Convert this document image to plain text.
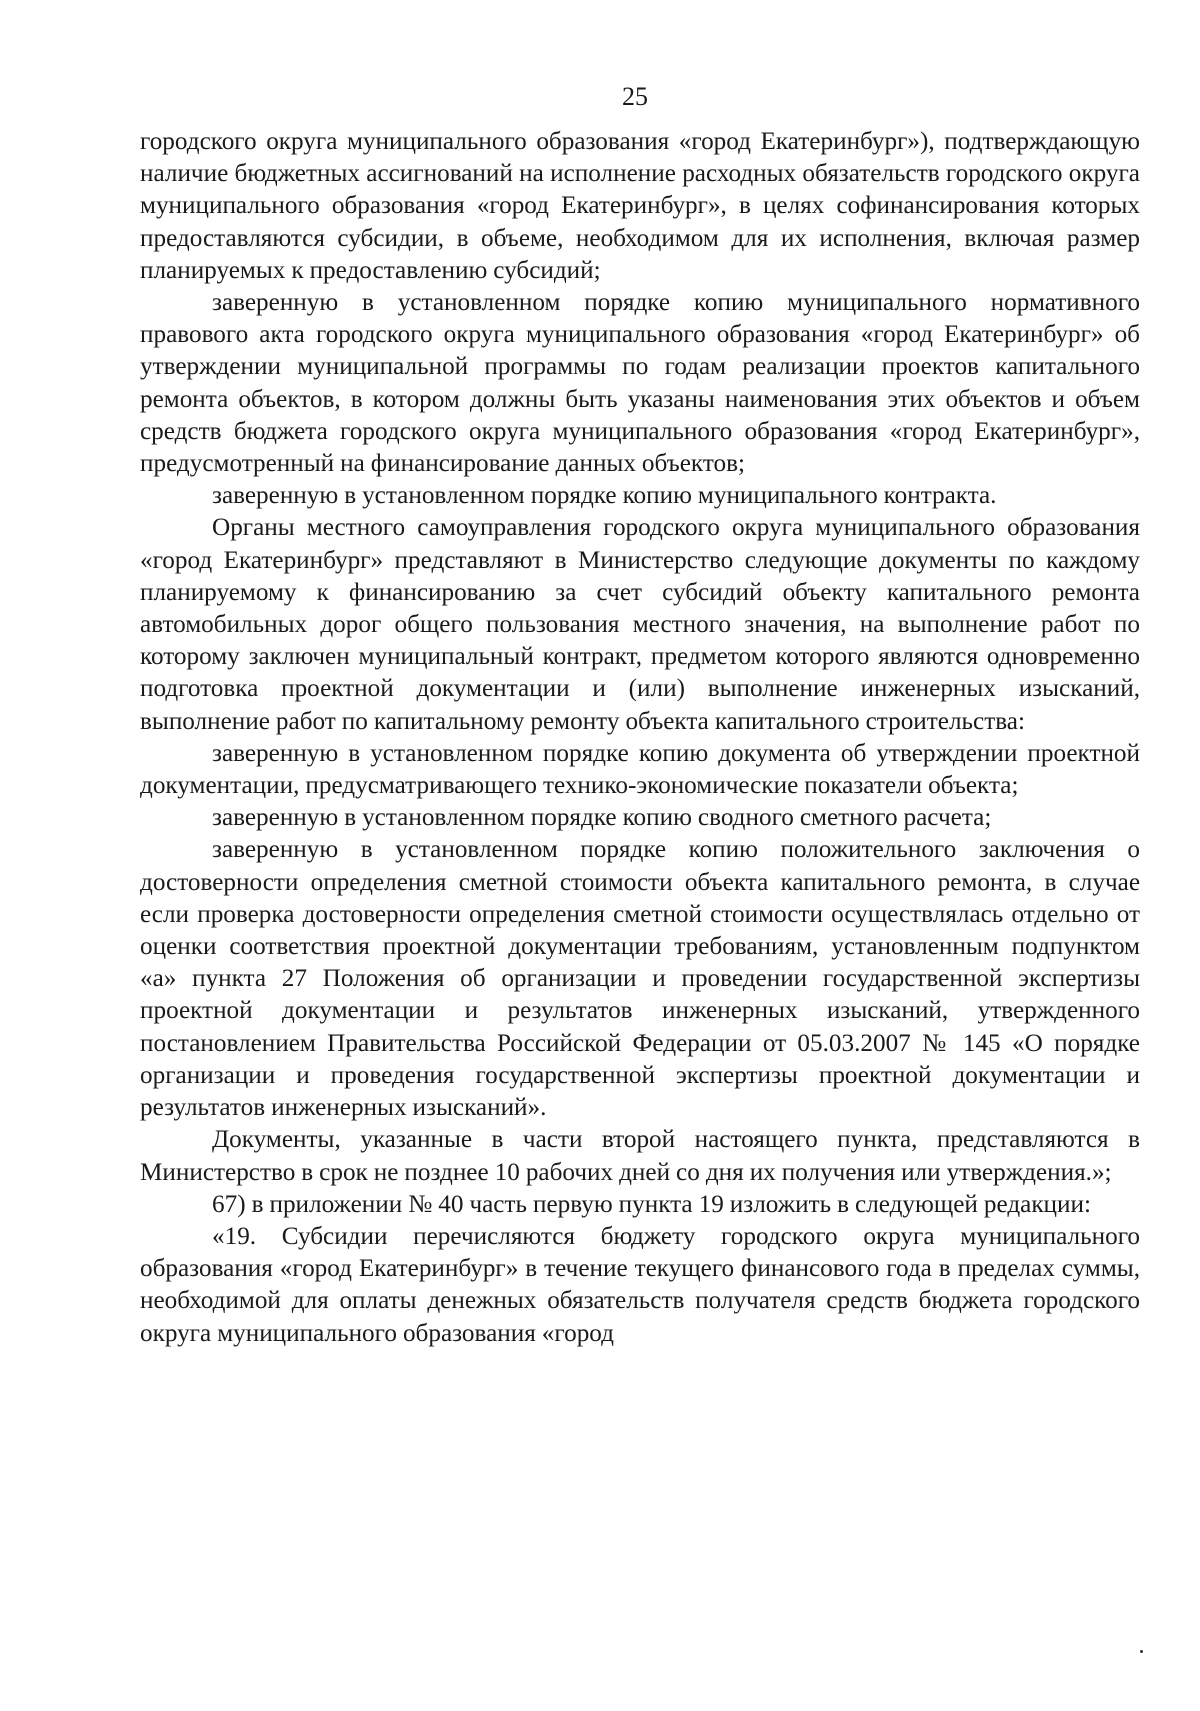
25

городского округа муниципального образования «город Екатеринбург»), подтверждающую наличие бюджетных ассигнований на исполнение расходных обязательств городского округа муниципального образования «город Екатеринбург», в целях софинансирования которых предоставляются субсидии, в объеме, необходимом для их исполнения, включая размер планируемых к предоставлению субсидий;

заверенную в установленном порядке копию муниципального нормативного правового акта городского округа муниципального образования «город Екатеринбург» об утверждении муниципальной программы по годам реализации проектов капитального ремонта объектов, в котором должны быть указаны наименования этих объектов и объем средств бюджета городского округа муниципального образования «город Екатеринбург», предусмотренный на финансирование данных объектов;

заверенную в установленном порядке копию муниципального контракта.

Органы местного самоуправления городского округа муниципального образования «город Екатеринбург» представляют в Министерство следующие документы по каждому планируемому к финансированию за счет субсидий объекту капитального ремонта автомобильных дорог общего пользования местного значения, на выполнение работ по которому заключен муниципальный контракт, предметом которого являются одновременно подготовка проектной документации и (или) выполнение инженерных изысканий, выполнение работ по капитальному ремонту объекта капитального строительства:

заверенную в установленном порядке копию документа об утверждении проектной документации, предусматривающего технико-экономические показатели объекта;

заверенную в установленном порядке копию сводного сметного расчета;

заверенную в установленном порядке копию положительного заключения о достоверности определения сметной стоимости объекта капитального ремонта, в случае если проверка достоверности определения сметной стоимости осуществлялась отдельно от оценки соответствия проектной документации требованиям, установленным подпунктом «а» пункта 27 Положения об организации и проведении государственной экспертизы проектной документации и результатов инженерных изысканий, утвержденного постановлением Правительства Российской Федерации от 05.03.2007 № 145 «О порядке организации и проведения государственной экспертизы проектной документации и результатов инженерных изысканий».

Документы, указанные в части второй настоящего пункта, представляются в Министерство в срок не позднее 10 рабочих дней со дня их получения или утверждения.»;

67) в приложении № 40 часть первую пункта 19 изложить в следующей редакции:

«19. Субсидии перечисляются бюджету городского округа муниципального образования «город Екатеринбург» в течение текущего финансового года в пределах суммы, необходимой для оплаты денежных обязательств получателя средств бюджета городского округа муниципального образования «город
